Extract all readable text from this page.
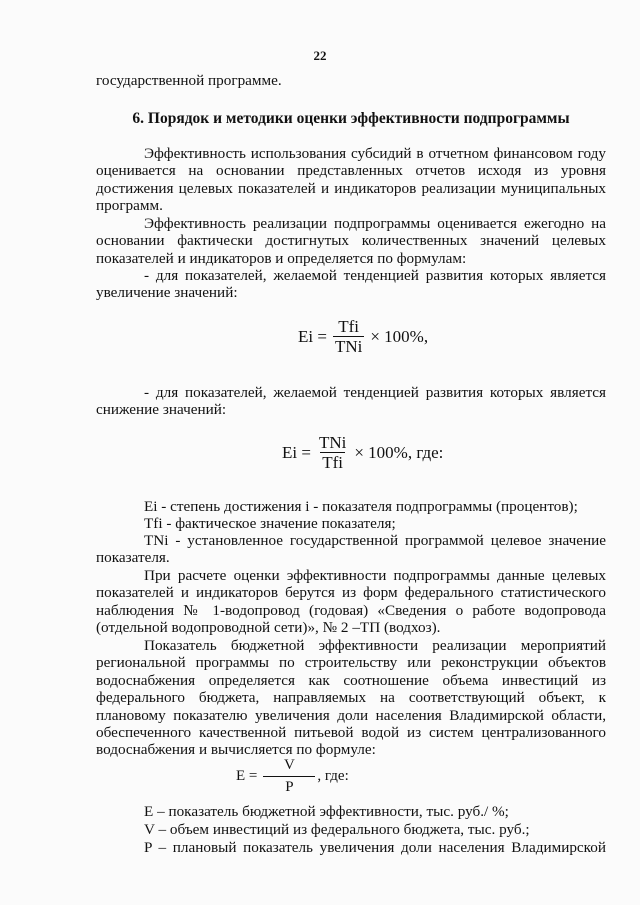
22
государственной программе.
6. Порядок и методики оценки эффективности подпрограммы
Эффективность использования субсидий в отчетном финансовом году оценивается на основании представленных отчетов исходя из уровня достижения целевых показателей и индикаторов реализации муниципальных программ.
Эффективность реализации подпрограммы оценивается ежегодно на основании фактически достигнутых количественных значений целевых показателей и индикаторов и определяется по формулам:
- для показателей, желаемой тенденцией развития которых является увеличение значений:
$Ei = \frac{\text{Tfi}}{\text{TNi}} \times 100\%$,
- для показателей, желаемой тенденцией развития которых является снижение значений:
$Ei = \frac{\text{TNi}}{\text{Tfi}} \times 100\%$, где:
Ei - степень достижения i - показателя подпрограммы (процентов);
Tfi - фактическое значение показателя;
TNi - установленное государственной программой целевое значение показателя.
При расчете оценки эффективности подпрограммы данные целевых показателей и индикаторов берутся из форм федерального статистического наблюдения № 1-водопровод (годовая) «Сведения о работе водопровода (отдельной водопроводной сети)», № 2 –ТП (водхоз).
Показатель бюджетной эффективности реализации мероприятий региональной программы по строительству или реконструкции объектов водоснабжения определяется как соотношение объема инвестиций из федерального бюджета, направляемых на соответствующий объект, к плановому показателю увеличения доли населения Владимирской области, обеспеченного качественной питьевой водой из систем централизованного водоснабжения и вычисляется по формуле:
$E = \frac{V}{P}$ , где:
E – показатель бюджетной эффективности, тыс. руб./ %;
V – объем инвестиций из федерального бюджета, тыс. руб.;
P – плановый показатель увеличения доли населения Владимирской
